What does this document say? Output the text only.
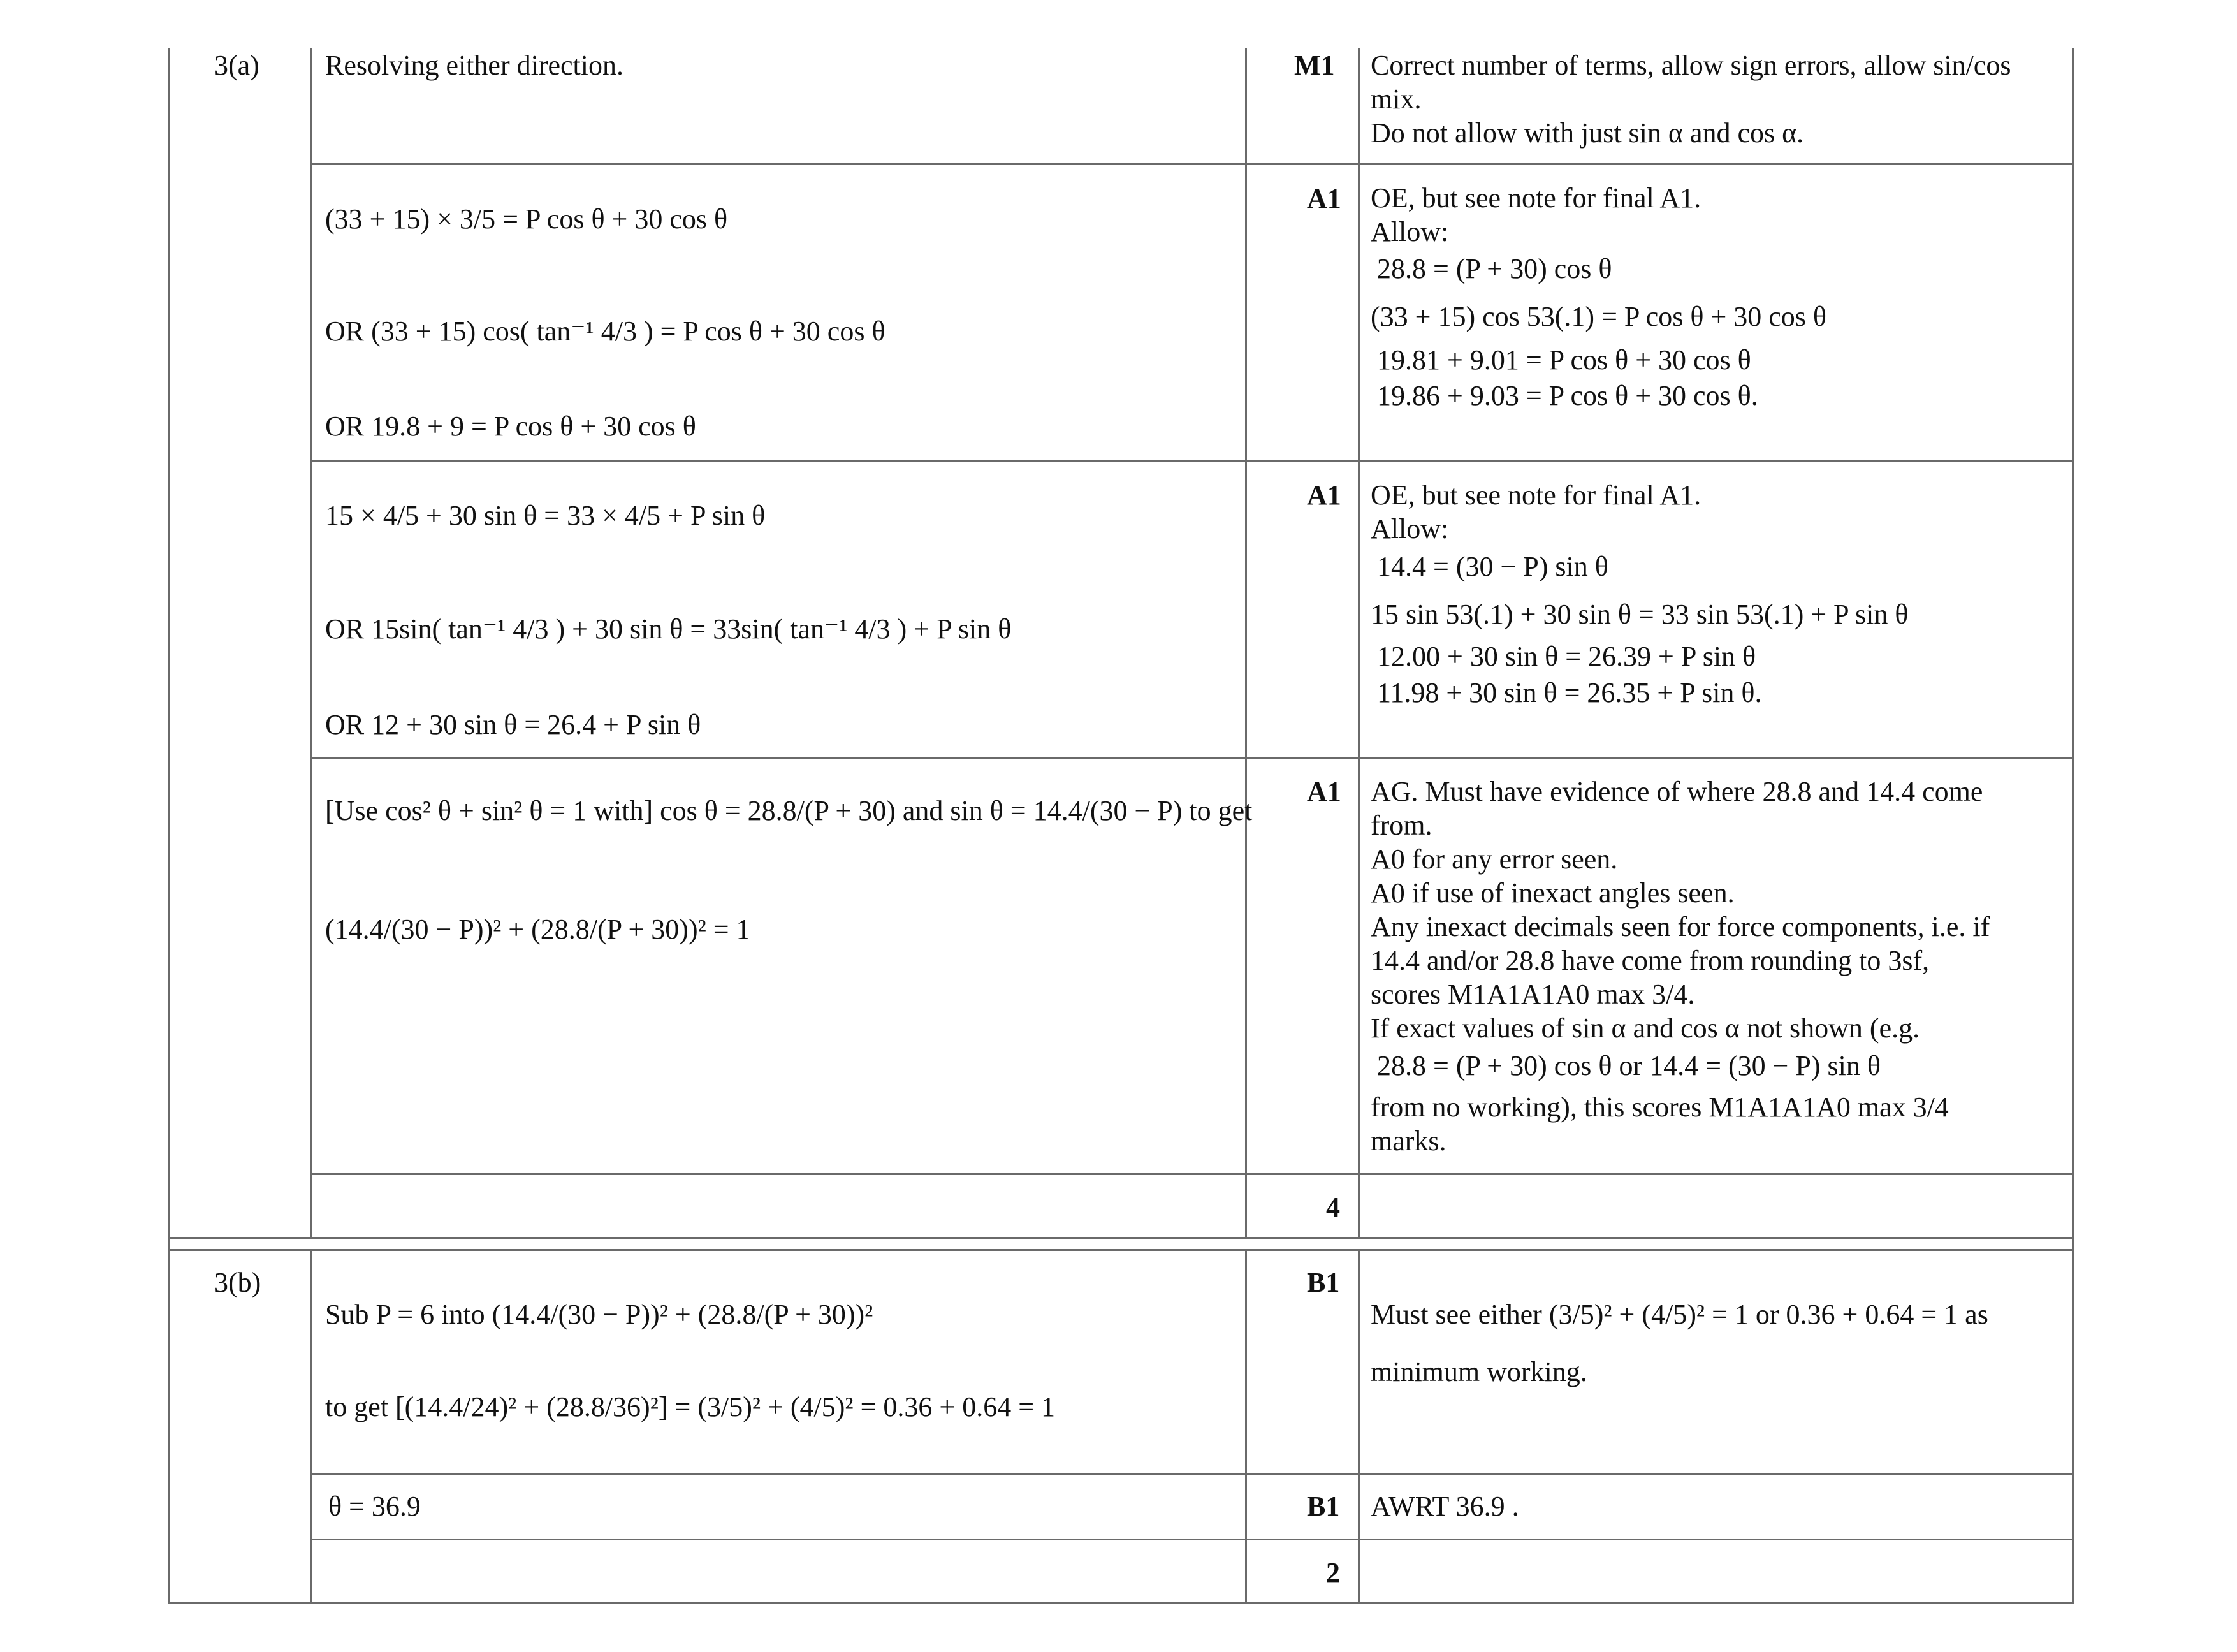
3(a) Resolving either direction.	M1 Correct number of terms, allow sign errors, allow sin/cos
mix.
Do not allow with just sin α and cos α.
(33 + 15) × 3/5 = P cos θ + 30 cos θ
OR (33 + 15) cos( tan⁻¹ 4/3 ) = P cos θ + 30 cos θ
OR 19.8 + 9 = P cos θ + 30 cos θ
A1 OE, but see note for final A1.
Allow:
28.8 = (P + 30) cos θ
(33 + 15) cos 53(.1) = P cos θ + 30 cos θ
19.81 + 9.01 = P cos θ + 30 cos θ
19.86 + 9.03 = P cos θ + 30 cos θ.
15 × 4/5 + 30 sin θ = 33 × 4/5 + P sin θ
OR 15sin( tan⁻¹ 4/3 ) + 30 sin θ = 33sin( tan⁻¹ 4/3 ) + P sin θ
OR 12 + 30 sin θ = 26.4 + P sin θ
A1 OE, but see note for final A1.
Allow:
14.4 = (30 − P) sin θ
15 sin 53(.1) + 30 sin θ = 33 sin 53(.1) + P sin θ
12.00 + 30 sin θ = 26.39 + P sin θ
11.98 + 30 sin θ = 26.35 + P sin θ.
[Use cos² θ + sin² θ = 1 with] cos θ = 28.8/(P + 30) and sin θ = 14.4/(30 − P) to get
(14.4/(30 − P))² + (28.8/(P + 30))² = 1
A1 AG. Must have evidence of where 28.8 and 14.4 come
from.
A0 for any error seen.
A0 if use of inexact angles seen.
Any inexact decimals seen for force components, i.e. if
14.4 and/or 28.8 have come from rounding to 3sf,
scores M1A1A1A0 max 3/4.
If exact values of sin α and cos α not shown (e.g.
28.8 = (P + 30) cos θ or 14.4 = (30 − P) sin θ
from no working), this scores M1A1A1A0 max 3/4
marks.
4
3(b)
Sub P = 6 into (14.4/(30 − P))² + (28.8/(P + 30))²
to get [(14.4/24)² + (28.8/36)²] = (3/5)² + (4/5)² = 0.36 + 0.64 = 1
B1
Must see either (3/5)² + (4/5)² = 1 or 0.36 + 0.64 = 1 as
minimum working.
θ = 36.9	B1 AWRT 36.9 .
2
